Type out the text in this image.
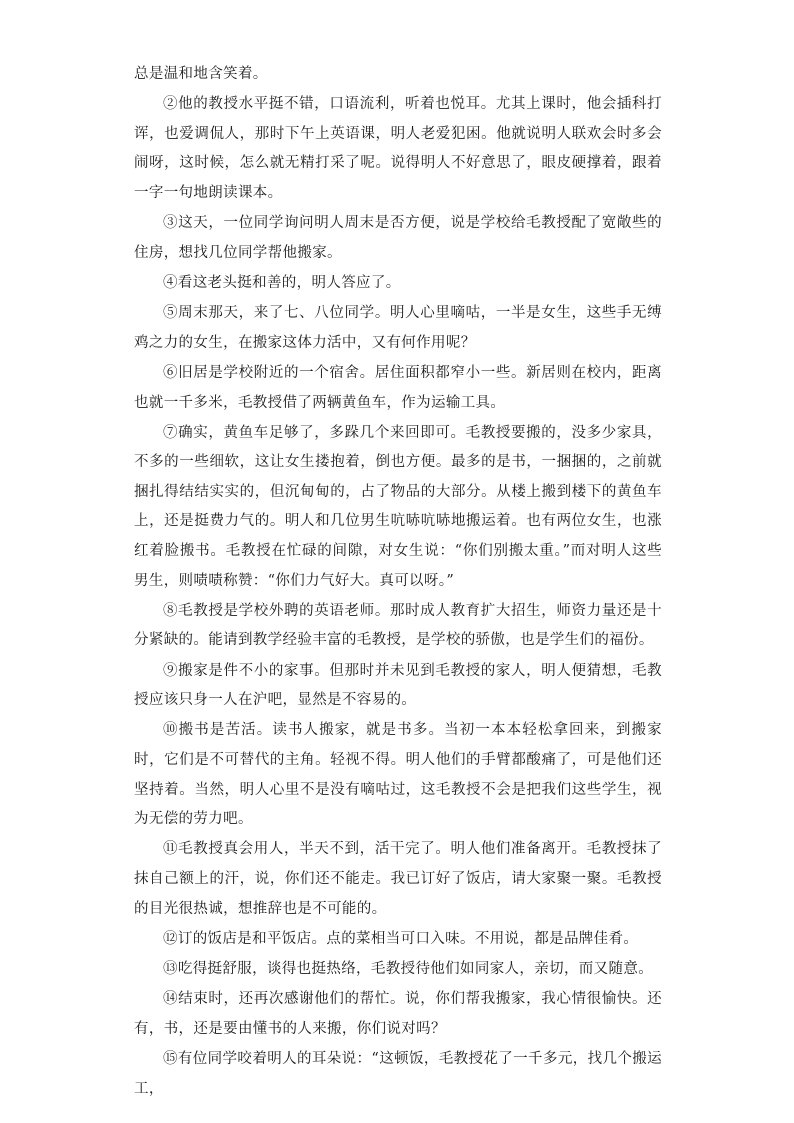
总是温和地含笑着。

②他的教授水平挺不错，口语流利，听着也悦耳。尤其上课时，他会插科打诨，也爱调侃人，那时下午上英语课，明人老爱犯困。他就说明人联欢会时多会闹呀，这时候，怎么就无精打采了呢。说得明人不好意思了，眼皮硬撑着，跟着一字一句地朗读课本。

③这天，一位同学询问明人周末是否方便，说是学校给毛教授配了宽敞些的住房，想找几位同学帮他搬家。

④看这老头挺和善的，明人答应了。

⑤周末那天，来了七、八位同学。明人心里嘀咕，一半是女生，这些手无缚鸡之力的女生，在搬家这体力活中，又有何作用呢？

⑥旧居是学校附近的一个宿舍。居住面积都窄小一些。新居则在校内，距离也就一千多米，毛教授借了两辆黄鱼车，作为运输工具。

⑦确实，黄鱼车足够了，多跺几个来回即可。毛教授要搬的，没多少家具，不多的一些细软，这让女生搂抱着，倒也方便。最多的是书，一捆捆的，之前就捆扎得结结实实的，但沉甸甸的，占了物品的大部分。从楼上搬到楼下的黄鱼车上，还是挺费力气的。明人和几位男生吭哧吭哧地搬运着。也有两位女生，也涨红着脸搬书。毛教授在忙碌的间隙，对女生说：“你们别搬太重。”而对明人这些男生，则啧啧称赞：“你们力气好大。真可以呀。”

⑧毛教授是学校外聘的英语老师。那时成人教育扩大招生，师资力量还是十分紧缺的。能请到教学经验丰富的毛教授，是学校的骄傲，也是学生们的福份。

⑨搬家是件不小的家事。但那时并未见到毛教授的家人，明人便猜想，毛教授应该只身一人在沪吧，显然是不容易的。

⑩搬书是苦活。读书人搬家，就是书多。当初一本本轻松拿回来，到搬家时，它们是不可替代的主角。轻视不得。明人他们的手臂都酸痛了，可是他们还坚持着。当然，明人心里不是没有嘀咕过，这毛教授不会是把我们这些学生，视为无偿的劳力吧。

⑪毛教授真会用人，半天不到，活干完了。明人他们准备离开。毛教授抹了抹自己额上的汗，说，你们还不能走。我已订好了饭店，请大家聚一聚。毛教授的目光很热诚，想推辞也是不可能的。

⑫订的饭店是和平饭店。点的菜相当可口入味。不用说，都是品牌佳肴。

⑬吃得挺舒服，谈得也挺热络，毛教授待他们如同家人，亲切，而又随意。

⑭结束时，还再次感谢他们的帮忙。说，你们帮我搬家，我心情很愉快。还有，书，还是要由懂书的人来搬，你们说对吗？

⑮有位同学咬着明人的耳朵说：“这顿饭，毛教授花了一千多元，找几个搬运工，
